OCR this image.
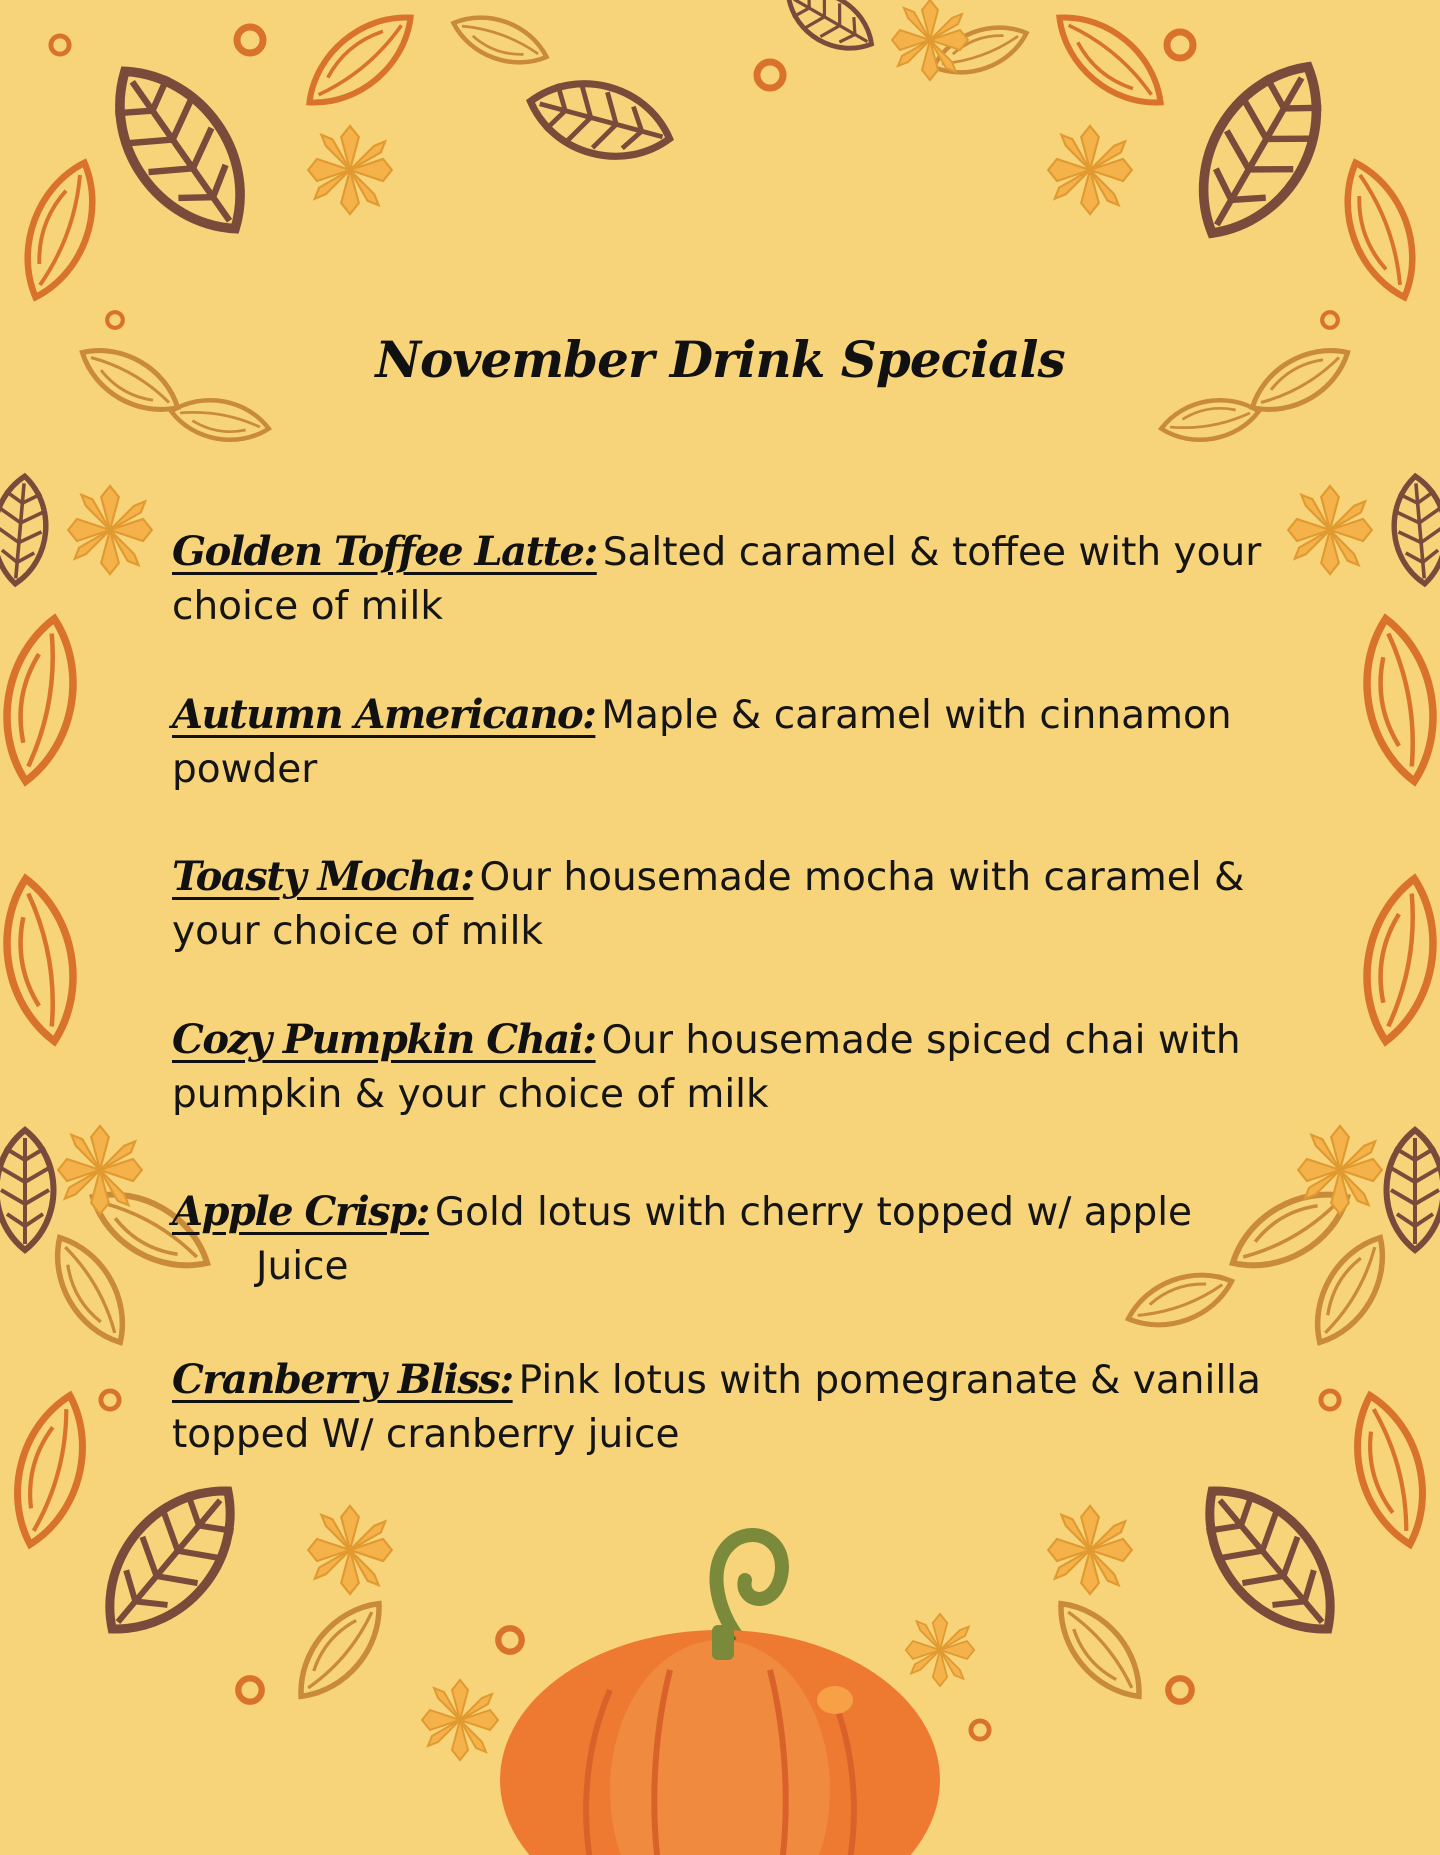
November Drink Specials

Golden Toffee Latte: Salted caramel & toffee with your choice of milk

Autumn Americano: Maple & caramel with cinnamon powder

Toasty Mocha: Our housemade mocha with caramel & your choice of milk

Cozy Pumpkin Chai: Our housemade spiced chai with pumpkin & your choice of milk

Apple Crisp: Gold lotus with cherry topped w/ apple
Juice

Cranberry Bliss: Pink lotus with pomegranate & vanilla topped W/ cranberry juice
